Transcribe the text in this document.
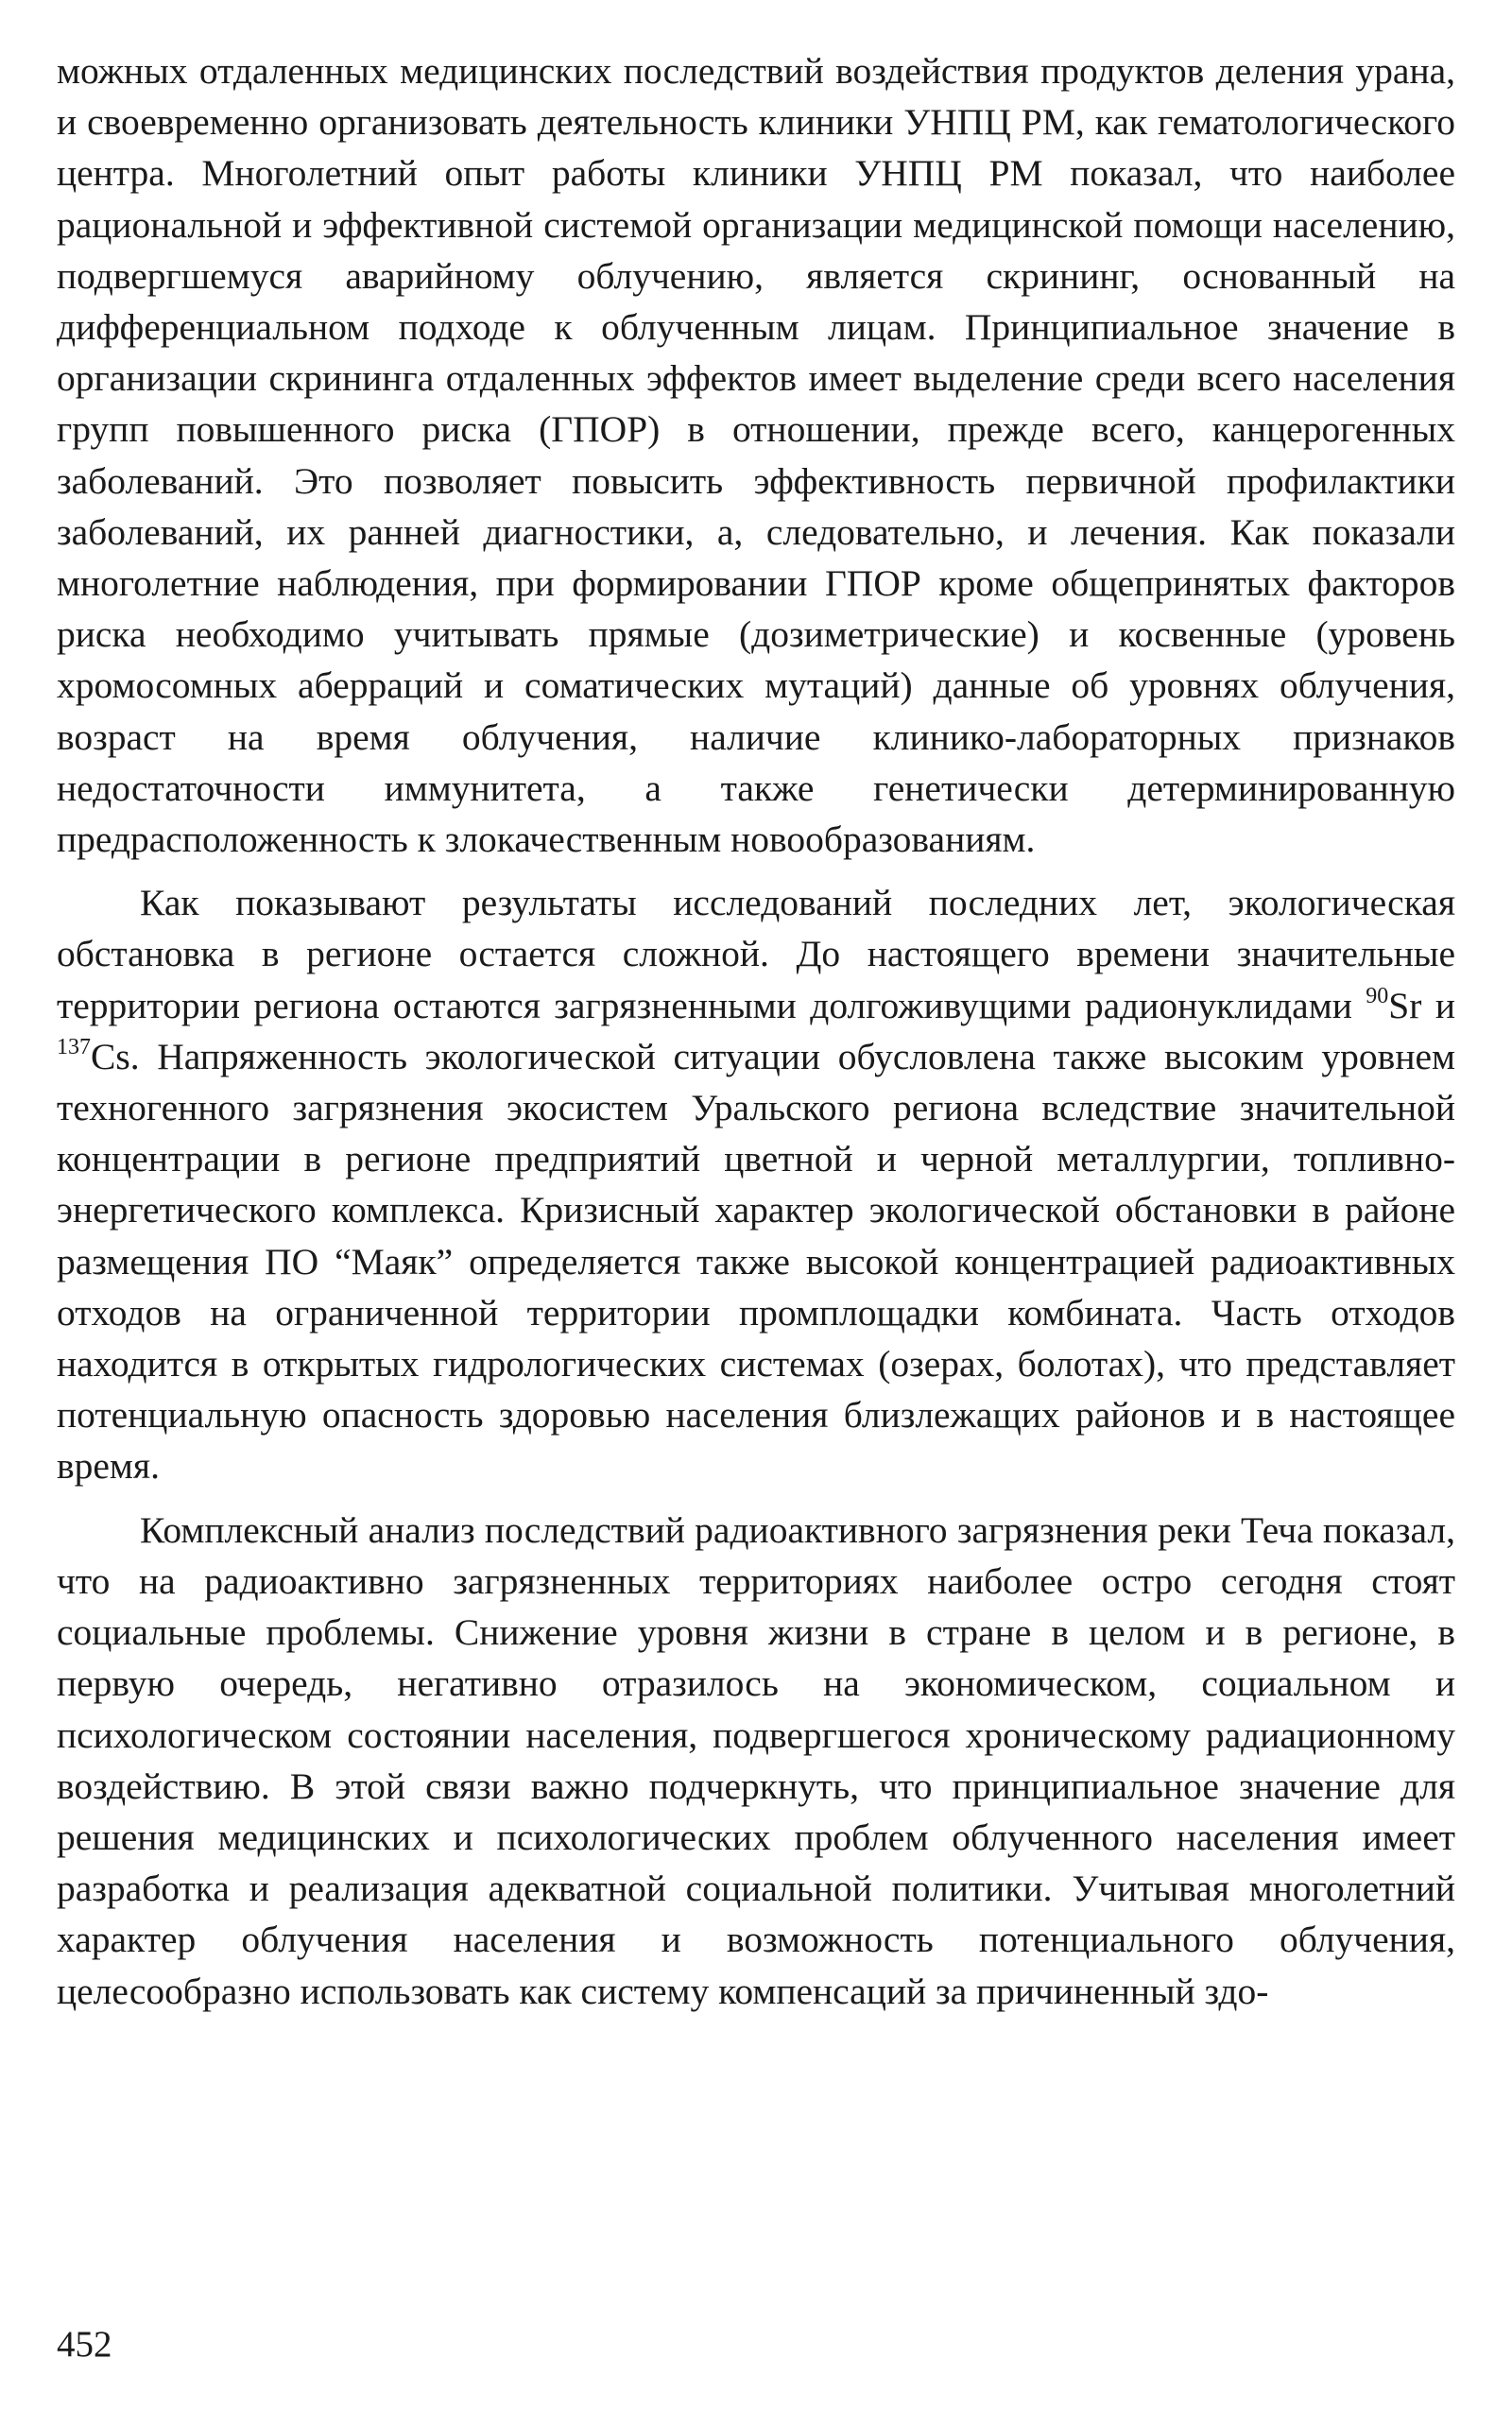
можных отдаленных медицинских последствий воздействия продуктов деления урана, и своевременно организовать деятельность клиники УНПЦ РМ, как гематологического центра. Многолетний опыт работы клиники УНПЦ РМ показал, что наиболее рациональной и эффективной системой организации медицинской помощи населению, подвергшемуся аварийному облучению, является скрининг, основанный на дифференциальном подходе к облученным лицам. Принципиальное значение в организации скрининга отдаленных эффектов имеет выделение среди всего населения групп повышенного риска (ГПОР) в отношении, прежде всего, канцерогенных заболеваний. Это позволяет повысить эффективность первичной профилактики заболеваний, их ранней диагностики, а, следовательно, и лечения. Как показали многолетние наблюдения, при формировании ГПОР кроме общепринятых факторов риска необходимо учитывать прямые (дозиметрические) и косвенные (уровень хромосомных аберраций и соматических мутаций) данные об уровнях облучения, возраст на время облучения, наличие клинико-лабораторных признаков недостаточности иммунитета, а также генетически детерминированную предрасположенность к злокачественным новообразованиям.

Как показывают результаты исследований последних лет, экологическая обстановка в регионе остается сложной. До настоящего времени значительные территории региона остаются загрязненными долгоживущими радионуклидами $^{90}$Sr и $^{137}$Cs. Напряженность экологической ситуации обусловлена также высоким уровнем техногенного загрязнения экосистем Уральского региона вследствие значительной концентрации в регионе предприятий цветной и черной металлургии, топливно-энергетического комплекса. Кризисный характер экологической обстановки в районе размещения ПО “Маяк” определяется также высокой концентрацией радиоактивных отходов на ограниченной территории промплощадки комбината. Часть отходов находится в открытых гидрологических системах (озерах, болотах), что представляет потенциальную опасность здоровью населения близлежащих районов и в настоящее время.

Комплексный анализ последствий радиоактивного загрязнения реки Теча показал, что на радиоактивно загрязненных территориях наиболее остро сегодня стоят социальные проблемы. Снижение уровня жизни в стране в целом и в регионе, в первую очередь, негативно отразилось на экономическом, социальном и психологическом состоянии населения, подвергшегося хроническому радиационному воздействию. В этой связи важно подчеркнуть, что принципиальное значение для решения медицинских и психологических проблем облученного населения имеет разработка и реализация адекватной социальной политики. Учитывая многолетний характер облучения населения и возможность потенциального облучения, целесообразно использовать как систему компенсаций за причиненный здо-

452
